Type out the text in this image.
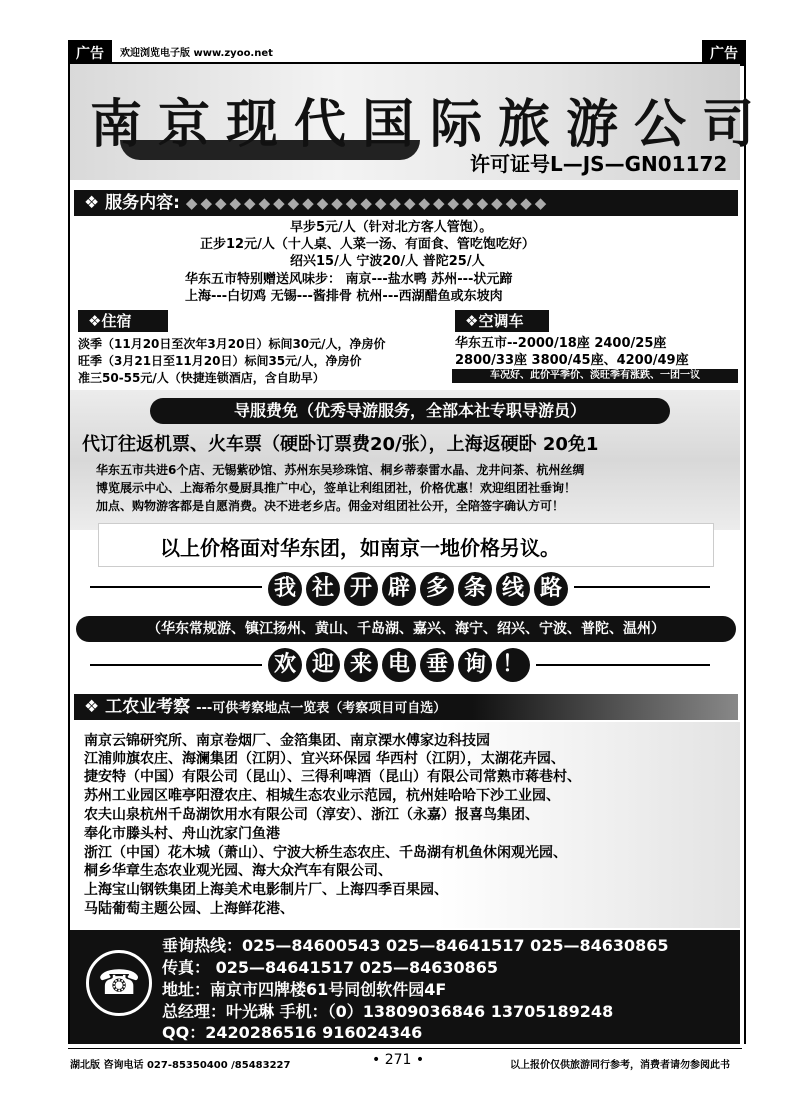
广告	欢迎浏览电子版 www.zyoo.net	广告
南京现代国际旅游公司
许可证号L—JS—GN01172
❖ 服务内容: ◆◆◆◆◆◆◆◆◆◆◆◆◆◆◆◆◆◆◆◆◆◆◆◆◆
早步5元/人（针对北方客人管饱）。
正步12元/人（十人桌、人菜一汤、有面食、管吃饱吃好）
绍兴15/人 宁波20/人 普陀25/人
华东五市特别赠送风味步： 南京---盐水鸭 苏州---状元蹄
上海---白切鸡 无锡---酱排骨 杭州---西湖醋鱼或东坡肉
❖住宿
淡季（11月20日至次年3月20日）标间30元/人，净房价
旺季（3月21日至11月20日）标间35元/人，净房价
准三50-55元/人（快捷连锁酒店，含自助早）
❖空调车
华东五市--2000/18座 2400/25座
2800/33座 3800/45座、4200/49座
车况好、此价平季价、淡旺季有涨跌、一团一议
导服费免（优秀导游服务，全部本社专职导游员）
代订往返机票、火车票（硬卧订票费20/张），上海返硬卧 20免1
华东五市共进6个店、无锡紫砂馆、苏州东吴珍珠馆、桐乡蒂泰雷水晶、龙井问茶、杭州丝绸
博览展示中心、上海希尔曼厨具推广中心，签单让利组团社，价格优惠！欢迎组团社垂询！
加点、购物游客都是自愿消费。决不进老乡店。佣金对组团社公开，全陪签字确认方可！
以上价格面对华东团，如南京一地价格另议。
我 社 开 辟 多 条 线 路
（华东常规游、镇江扬州、黄山、千岛湖、嘉兴、海宁、绍兴、宁波、普陀、温州）
欢 迎 来 电 垂 询 ！
❖ 工农业考察 ---可供考察地点一览表（考察项目可自选）
南京云锦研究所、南京卷烟厂、金箔集团、南京溧水傅家边科技园
江浦帅旗农庄、海澜集团（江阴）、宜兴环保园 华西村（江阴），太湖花卉园、
捷安特（中国）有限公司（昆山）、三得利啤酒（昆山）有限公司常熟市蒋巷村、
苏州工业园区唯亭阳澄农庄、相城生态农业示范园，杭州娃哈哈下沙工业园、
农夫山泉杭州千岛湖饮用水有限公司（淳安）、浙江（永嘉）报喜鸟集团、
奉化市滕头村、舟山沈家门鱼港
浙江（中国）花木城（萧山）、宁波大桥生态农庄、千岛湖有机鱼休闲观光园、
桐乡华章生态农业观光园、海大众汽车有限公司、
上海宝山钢铁集团上海美术电影制片厂、上海四季百果园、
马陆葡萄主题公园、上海鲜花港、
☎
垂询热线：025—84600543 025—84641517 025—84630865
传真： 025—84641517 025—84630865
地址：南京市四牌楼61号同创软件园4F
总经理：叶光琳 手机：（0）13809036846 13705189248
QQ：2420286516 916024346
湖北版 咨询电话 027-85350400 /85483227	• 271 •	以上报价仅供旅游同行参考，消费者请勿参阅此书
